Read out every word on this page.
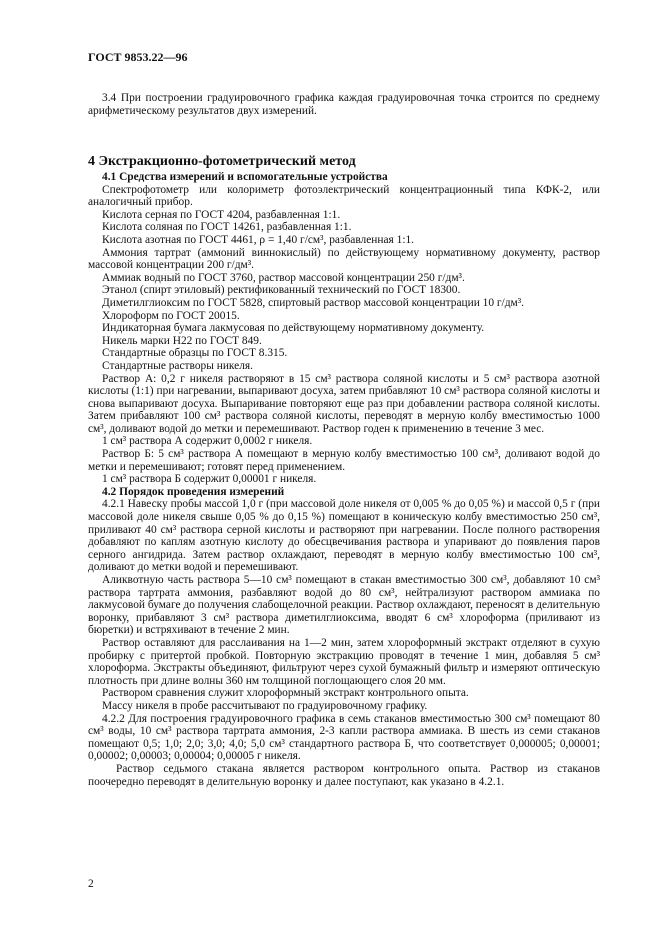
ГОСТ 9853.22—96

3.4 При построении градуировочного графика каждая градуировочная точка строится по среднему арифметическому результатов двух измерений.

4 Экстракционно-фотометрический метод

4.1 Средства измерений и вспомогательные устройства

Спектрофотометр или колориметр фотоэлектрический концентрационный типа КФК-2, или аналогичный прибор.

Кислота серная по ГОСТ 4204, разбавленная 1:1.

Кислота соляная по ГОСТ 14261, разбавленная 1:1.

Кислота азотная по ГОСТ 4461, ρ = 1,40 г/см³, разбавленная 1:1.

Аммония тартрат (аммоний виннокислый) по действующему нормативному документу, раствор массовой концентрации 200 г/дм³.

Аммиак водный по ГОСТ 3760, раствор массовой концентрации 250 г/дм³.

Этанол (спирт этиловый) ректификованный технический по ГОСТ 18300.

Диметилглиоксим по ГОСТ 5828, спиртовый раствор массовой концентрации 10 г/дм³.

Хлороформ по ГОСТ 20015.

Индикаторная бумага лакмусовая по действующему нормативному документу.

Никель марки Н22 по ГОСТ 849.

Стандартные образцы по ГОСТ 8.315.

Стандартные растворы никеля.

Раствор А: 0,2 г никеля растворяют в 15 см³ раствора соляной кислоты и 5 см³ раствора азотной кислоты (1:1) при нагревании, выпаривают досуха, затем прибавляют 10 см³ раствора соляной кислоты и снова выпаривают досуха. Выпаривание повторяют еще раз при добавлении раствора соляной кислоты. Затем прибавляют 100 см³ раствора соляной кислоты, переводят в мерную колбу вместимостью 1000 см³, доливают водой до метки и перемешивают. Раствор годен к применению в течение 3 мес.

1 см³ раствора А содержит 0,0002 г никеля.

Раствор Б: 5 см³ раствора А помещают в мерную колбу вместимостью 100 см³, доливают водой до метки и перемешивают; готовят перед применением.

1 см³ раствора Б содержит 0,00001 г никеля.

4.2 Порядок проведения измерений

4.2.1 Навеску пробы массой 1,0 г (при массовой доле никеля от 0,005 % до 0,05 %) и массой 0,5 г (при массовой доле никеля свыше 0,05 % до 0,15 %) помещают в коническую колбу вместимостью 250 см³, приливают 40 см³ раствора серной кислоты и растворяют при нагревании. После полного растворения добавляют по каплям азотную кислоту до обесцвечивания раствора и упаривают до появления паров серного ангидрида. Затем раствор охлаждают, переводят в мерную колбу вместимостью 100 см³, доливают до метки водой и перемешивают.

Аликвотную часть раствора 5—10 см³ помещают в стакан вместимостью 300 см³, добавляют 10 см³ раствора тартрата аммония, разбавляют водой до 80 см³, нейтрализуют раствором аммиака по лакмусовой бумаге до получения слабощелочной реакции. Раствор охлаждают, переносят в делительную воронку, прибавляют 3 см³ раствора диметилглиоксима, вводят 6 см³ хлороформа (приливают из бюретки) и встряхивают в течение 2 мин.

Раствор оставляют для расслаивания на 1—2 мин, затем хлороформный экстракт отделяют в сухую пробирку с притертой пробкой. Повторную экстракцию проводят в течение 1 мин, добавляя 5 см³ хлороформа. Экстракты объединяют, фильтруют через сухой бумажный фильтр и измеряют оптическую плотность при длине волны 360 нм толщиной поглощающего слоя 20 мм.

Раствором сравнения служит хлороформный экстракт контрольного опыта.

Массу никеля в пробе рассчитывают по градуировочному графику.

4.2.2 Для построения градуировочного графика в семь стаканов вместимостью 300 см³ помещают 80 см³ воды, 10 см³ раствора тартрата аммония, 2-3 капли раствора аммиака. В шесть из семи стаканов помещают 0,5; 1,0; 2,0; 3,0; 4,0; 5,0 см³ стандартного раствора Б, что соответствует 0,000005; 0,00001; 0,00002; 0,00003; 0,00004; 0,00005 г никеля.

Раствор седьмого стакана является раствором контрольного опыта. Раствор из стаканов поочередно переводят в делительную воронку и далее поступают, как указано в 4.2.1.

2
